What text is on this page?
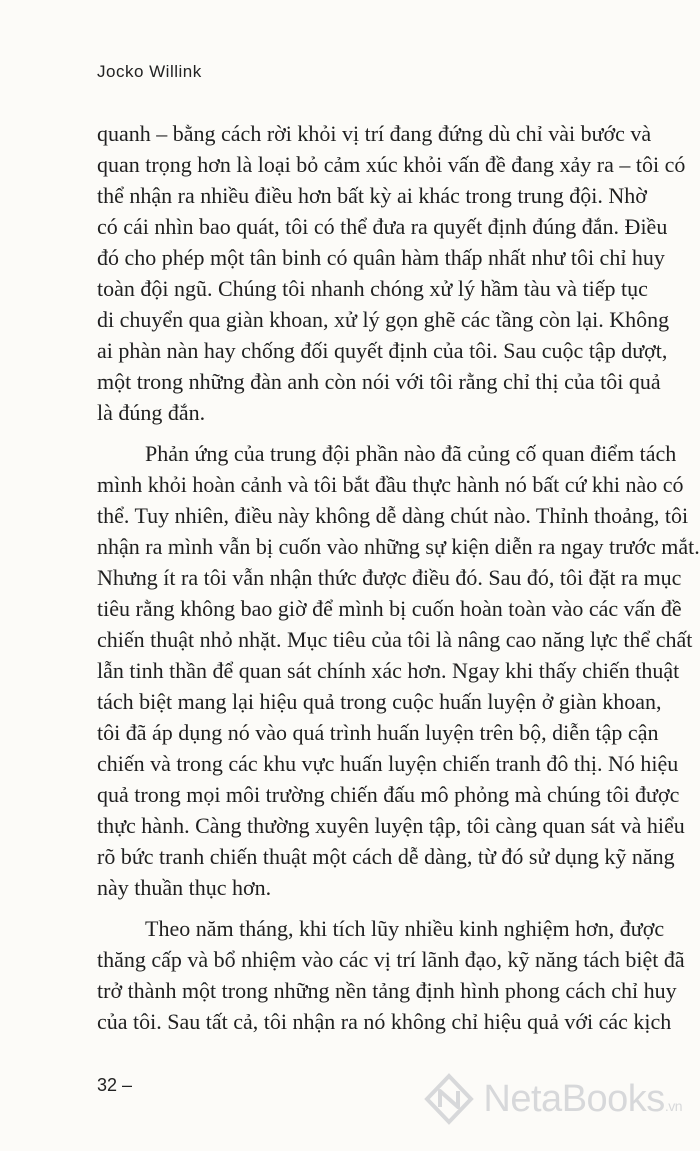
Jocko Willink

quanh – bằng cách rời khỏi vị trí đang đứng dù chỉ vài bước và
quan trọng hơn là loại bỏ cảm xúc khỏi vấn đề đang xảy ra – tôi có
thể nhận ra nhiều điều hơn bất kỳ ai khác trong trung đội. Nhờ
có cái nhìn bao quát, tôi có thể đưa ra quyết định đúng đắn. Điều
đó cho phép một tân binh có quân hàm thấp nhất như tôi chỉ huy
toàn đội ngũ. Chúng tôi nhanh chóng xử lý hầm tàu và tiếp tục
di chuyển qua giàn khoan, xử lý gọn ghẽ các tầng còn lại. Không
ai phàn nàn hay chống đối quyết định của tôi. Sau cuộc tập dượt,
một trong những đàn anh còn nói với tôi rằng chỉ thị của tôi quả
là đúng đắn.

Phản ứng của trung đội phần nào đã củng cố quan điểm tách
mình khỏi hoàn cảnh và tôi bắt đầu thực hành nó bất cứ khi nào có
thể. Tuy nhiên, điều này không dễ dàng chút nào. Thỉnh thoảng, tôi
nhận ra mình vẫn bị cuốn vào những sự kiện diễn ra ngay trước mắt.
Nhưng ít ra tôi vẫn nhận thức được điều đó. Sau đó, tôi đặt ra mục
tiêu rằng không bao giờ để mình bị cuốn hoàn toàn vào các vấn đề
chiến thuật nhỏ nhặt. Mục tiêu của tôi là nâng cao năng lực thể chất
lẫn tinh thần để quan sát chính xác hơn. Ngay khi thấy chiến thuật
tách biệt mang lại hiệu quả trong cuộc huấn luyện ở giàn khoan,
tôi đã áp dụng nó vào quá trình huấn luyện trên bộ, diễn tập cận
chiến và trong các khu vực huấn luyện chiến tranh đô thị. Nó hiệu
quả trong mọi môi trường chiến đấu mô phỏng mà chúng tôi được
thực hành. Càng thường xuyên luyện tập, tôi càng quan sát và hiểu
rõ bức tranh chiến thuật một cách dễ dàng, từ đó sử dụng kỹ năng
này thuần thục hơn.

Theo năm tháng, khi tích lũy nhiều kinh nghiệm hơn, được
thăng cấp và bổ nhiệm vào các vị trí lãnh đạo, kỹ năng tách biệt đã
trở thành một trong những nền tảng định hình phong cách chỉ huy
của tôi. Sau tất cả, tôi nhận ra nó không chỉ hiệu quả với các kịch

32 –	NetaBooks.vn
